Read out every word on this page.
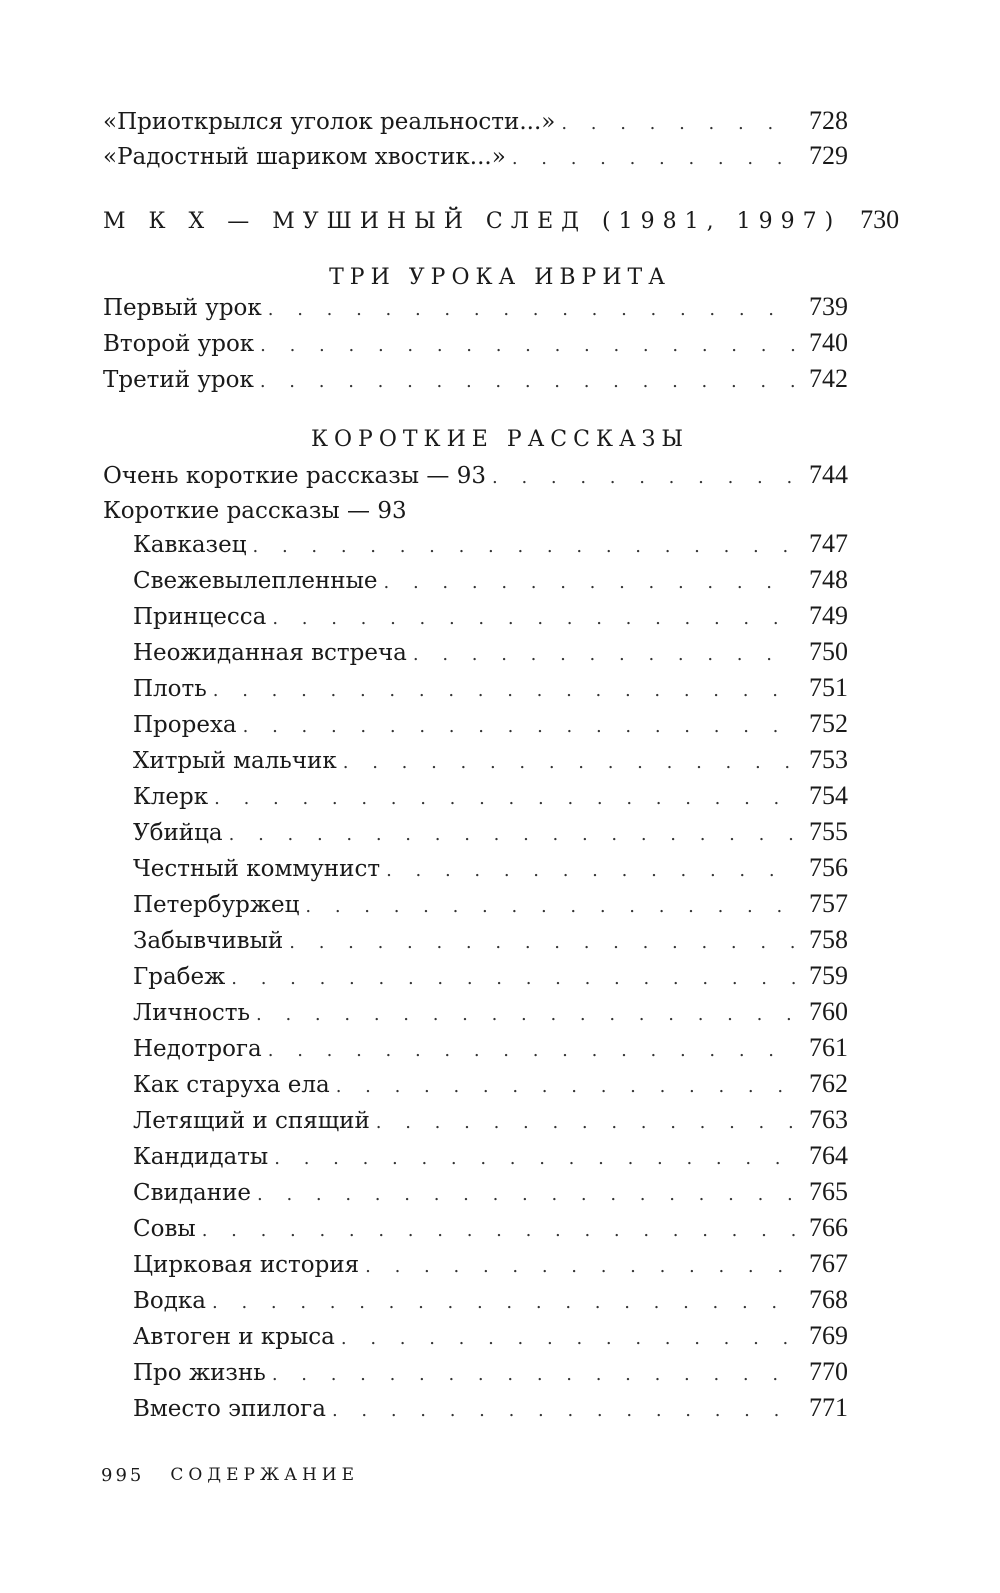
«Приоткрылся уголок реальности...» . . .	728
«Радостный шариком хвостик...» . . .	729
М К Х — МУШИНЫЙ СЛЕД (1981, 1997) 730
ТРИ УРОКА ИВРИТА
Первый урок . . .	739
Второй урок . . .	740
Третий урок . . .	742
КОРОТКИЕ РАССКАЗЫ
Очень короткие рассказы — 93 . . .	744
Короткие рассказы — 93
Кавказец . . .	747
Свежевылепленные . . .	748
Принцесса . . .	749
Неожиданная встреча . . .	750
Плоть . . .	751
Прореха . . .	752
Хитрый мальчик . . .	753
Клерк . . .	754
Убийца . . .	755
Честный коммунист . . .	756
Петербуржец . . .	757
Забывчивый . . .	758
Грабеж . . .	759
Личность . . .	760
Недотрога . . .	761
Как старуха ела . . .	762
Летящий и спящий . . .	763
Кандидаты . . .	764
Свидание . . .	765
Совы . . .	766
Цирковая история . . .	767
Водка . . .	768
Автоген и крыса . . .	769
Про жизнь . . .	770
Вместо эпилога . . .	771
995 СОДЕРЖАНИЕ
